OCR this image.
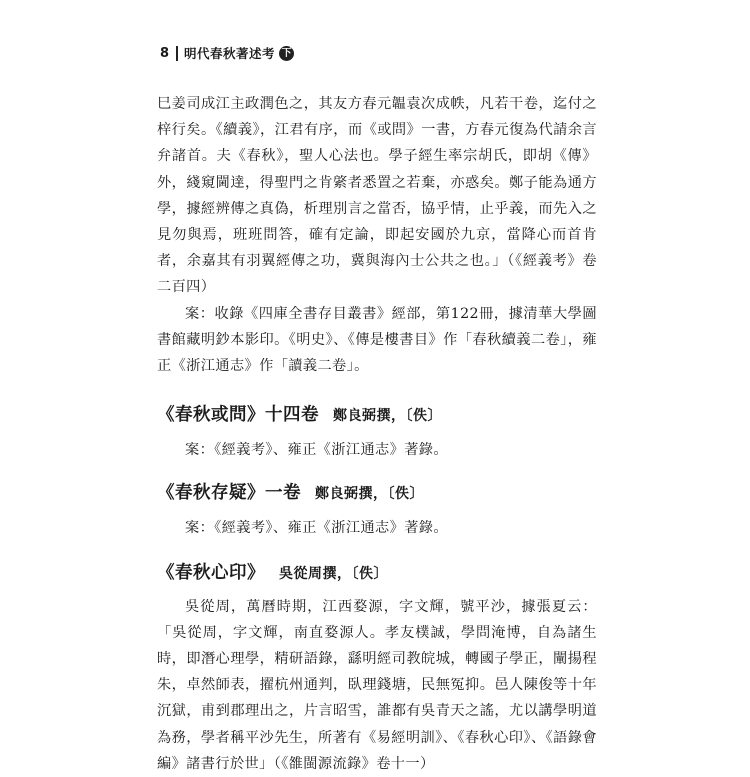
8 明代春秋著述考 下

巳姜司成江主政潤色之，其友方春元韞袁次成帙，凡若干卷，迄付之梓行矣。《續義》，江君有序，而《或問》一書，方春元復為代請余言弁諸首。夫《春秋》，聖人心法也。學子經生率宗胡氏，即胡《傳》外，綫窺閫達，得聖門之肯綮者悉置之若棄，亦惑矣。鄭子能為通方學，據經辨傳之真偽，析理別言之當否，協乎情，止乎義，而先入之見勿與焉，班班問答，確有定論，即起安國於九京，當降心而首肯者，余嘉其有羽翼經傳之功，冀與海內士公共之也。」（《經義考》卷二百四）

案：收錄《四庫全書存目叢書》經部，第122冊，據清華大學圖書館藏明鈔本影印。《明史》、《傳是樓書目》作「春秋續義二卷」，雍正《浙江通志》作「讀義二卷」。

《春秋或問》十四卷 鄭良弼撰，〔佚〕

案：《經義考》、雍正《浙江通志》著錄。

《春秋存疑》一卷 鄭良弼撰，〔佚〕

案：《經義考》、雍正《浙江通志》著錄。

《春秋心印》 吳從周撰，〔佚〕

吳從周，萬曆時期，江西婺源，字文輝，號平沙，據張夏云：「吳從周，字文輝，南直婺源人。孝友樸誠，學問淹博，自為諸生時，即潛心理學，精研語錄，繇明經司教皖城，轉國子學正，闡揚程朱，卓然師表，擢杭州通判，臥理錢塘，民無冤抑。邑人陳俊等十年沉獄，甫到郡理出之，片言昭雪，誰都有吳青天之謠，尤以講學明道為務，學者稱平沙先生，所著有《易經明訓》、《春秋心印》、《語錄會編》諸書行於世」（《雒閩源流錄》卷十一）
